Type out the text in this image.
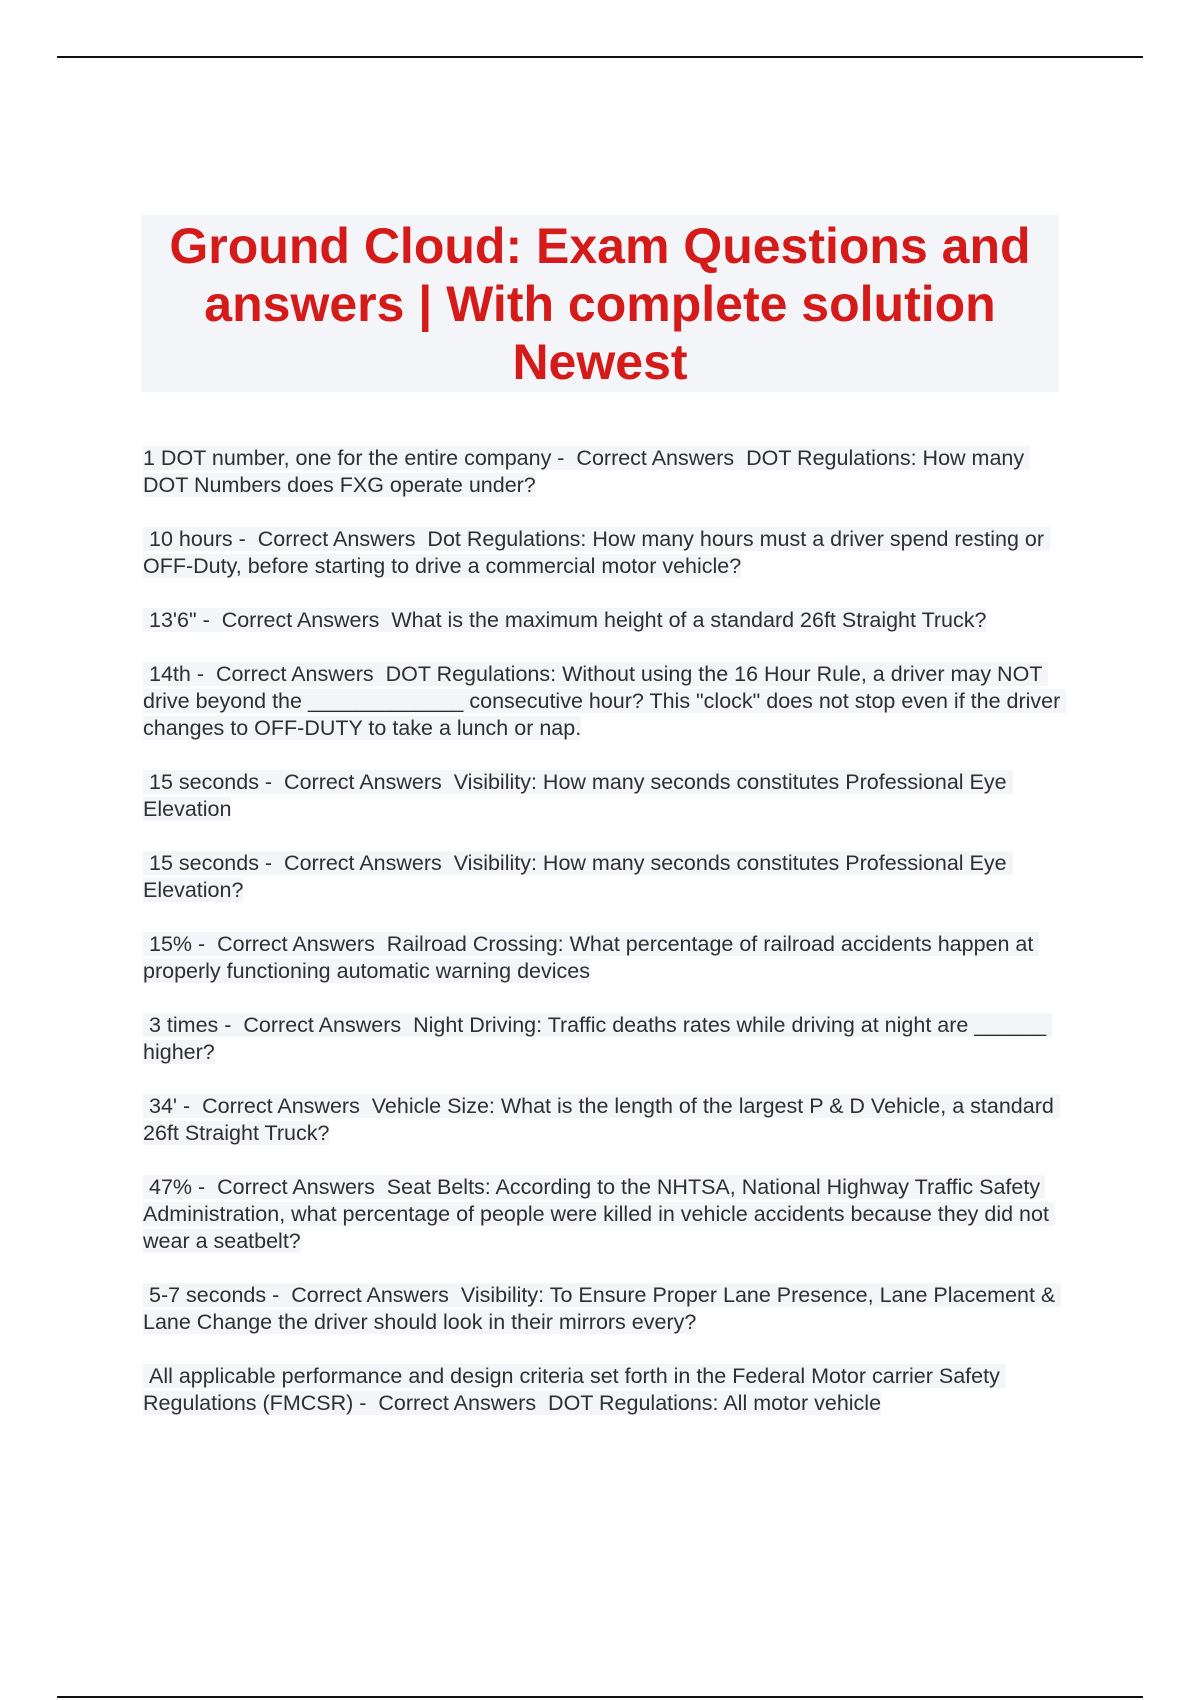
Ground Cloud: Exam Questions and
answers | With complete solution
Newest

1 DOT number, one for the entire company -  Correct Answers DOT Regulations: How many DOT Numbers does FXG operate under?

10 hours -  Correct Answers Dot Regulations: How many hours must a driver spend resting or OFF-Duty, before starting to drive a commercial motor vehicle?

13'6" -  Correct Answers What is the maximum height of a standard 26ft Straight Truck?

14th -  Correct Answers DOT Regulations: Without using the 16 Hour Rule, a driver may NOT drive beyond the _____________ consecutive hour? This "clock" does not stop even if the driver changes to OFF-DUTY to take a lunch or nap.

15 seconds -  Correct Answers Visibility: How many seconds constitutes Professional Eye Elevation

15 seconds -  Correct Answers Visibility: How many seconds constitutes Professional Eye Elevation?

15% -  Correct Answers Railroad Crossing: What percentage of railroad accidents happen at properly functioning automatic warning devices

3 times -  Correct Answers Night Driving: Traffic deaths rates while driving at night are ______ higher?

34' -  Correct Answers Vehicle Size: What is the length of the largest P & D Vehicle, a standard 26ft Straight Truck?

47% -  Correct Answers Seat Belts: According to the NHTSA, National Highway Traffic Safety Administration, what percentage of people were killed in vehicle accidents because they did not wear a seatbelt?

5-7 seconds -  Correct Answers Visibility: To Ensure Proper Lane Presence, Lane Placement & Lane Change the driver should look in their mirrors every?

All applicable performance and design criteria set forth in the Federal Motor carrier Safety Regulations (FMCSR) -  Correct Answers DOT Regulations: All motor vehicle
